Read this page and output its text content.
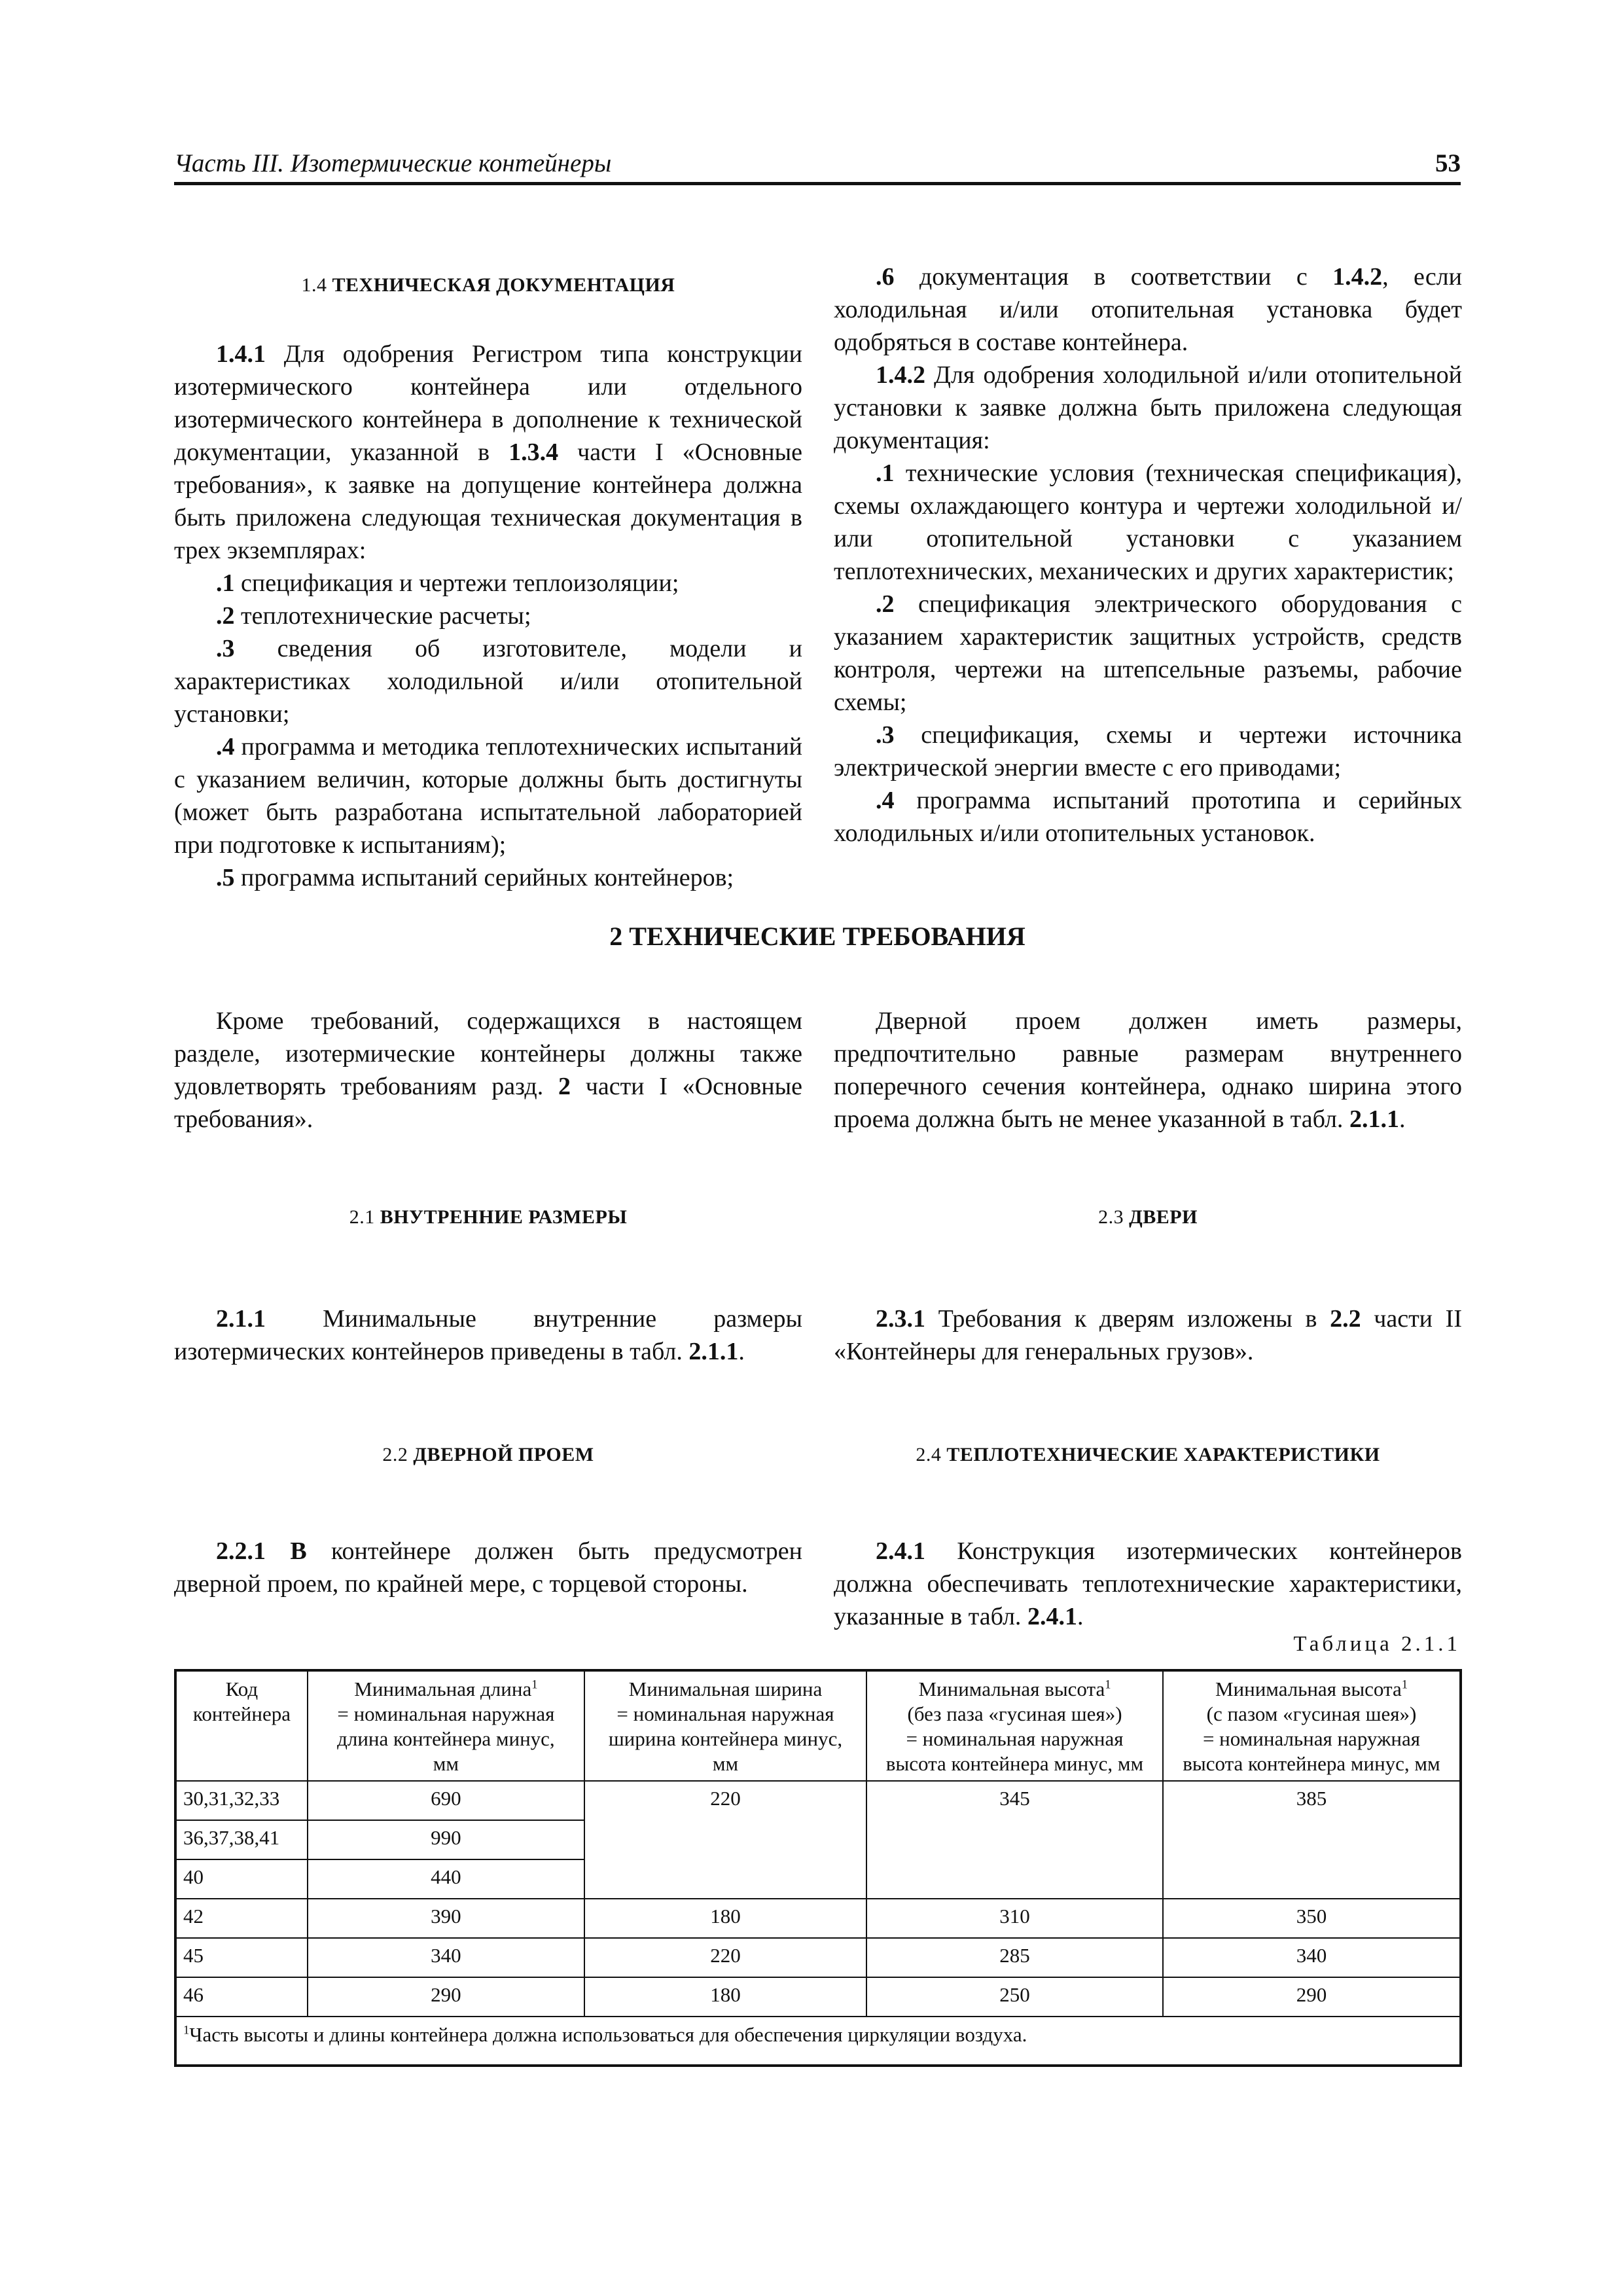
Часть III. Изотермические контейнеры	53

1.4 ТЕХНИЧЕСКАЯ ДОКУМЕНТАЦИЯ

1.4.1 Для одобрения Регистром типа конструкции изотермического контейнера или отдельного изотермического контейнера в дополнение к технической документации, указанной в 1.3.4 части I «Основные требования», к заявке на допущение контейнера должна быть приложена следующая техническая документация в трех экземплярах:

.1 спецификация и чертежи теплоизоляции;

.2 теплотехнические расчеты;

.3 сведения об изготовителе, модели и характеристиках холодильной и/или отопительной установки;

.4 программа и методика теплотехнических испытаний с указанием величин, которые должны быть достигнуты (может быть разработана испытательной лабораторией при подготовке к испытаниям);

.5 программа испытаний серийных контейнеров;

.6 документация в соответствии с 1.4.2, если холодильная и/или отопительная установка будет одобряться в составе контейнера.

1.4.2 Для одобрения холодильной и/или отопительной установки к заявке должна быть приложена следующая документация:

.1 технические условия (техническая спецификация), схемы охлаждающего контура и чертежи холодильной и/или отопительной установки с указанием теплотехнических, механических и других характеристик;

.2 спецификация электрического оборудования с указанием характеристик защитных устройств, средств контроля, чертежи на штепсельные разъемы, рабочие схемы;

.3 спецификация, схемы и чертежи источника электрической энергии вместе с его приводами;

.4 программа испытаний прототипа и серийных холодильных и/или отопительных установок.

2 ТЕХНИЧЕСКИЕ ТРЕБОВАНИЯ

Кроме требований, содержащихся в настоящем разделе, изотермические контейнеры должны также удовлетворять требованиям разд. 2 части I «Основные требования».

Дверной проем должен иметь размеры, предпочтительно равные размерам внутреннего поперечного сечения контейнера, однако ширина этого проема должна быть не менее указанной в табл. 2.1.1.

2.1 ВНУТРЕННИЕ РАЗМЕРЫ

2.1.1 Минимальные внутренние размеры изотермических контейнеров приведены в табл. 2.1.1.

2.3 ДВЕРИ

2.3.1 Требования к дверям изложены в 2.2 части II «Контейнеры для генеральных грузов».

2.2 ДВЕРНОЙ ПРОЕМ

2.2.1 В контейнере должен быть предусмотрен дверной проем, по крайней мере, с торцевой стороны.

2.4 ТЕПЛОТЕХНИЧЕСКИЕ ХАРАКТЕРИСТИКИ

2.4.1 Конструкция изотермических контейнеров должна обеспечивать теплотехнические характеристики, указанные в табл. 2.4.1.

Таблица 2.1.1
Код
контейнера	Минимальная длина$^1$
= номинальная наружная
длина контейнера минус,
мм	Минимальная ширина
= номинальная наружная
ширина контейнера минус,
мм	Минимальная высота$^1$
(без паза «гусиная шея»)
= номинальная наружная
высота контейнера минус, мм	Минимальная высота$^1$
(с пазом «гусиная шея»)
= номинальная наружная
высота контейнера минус, мм
30,31,32,33	690	220	345	385
36,37,38,41	990			
40	440			
42	390	180	310	350
45	340	220	285	340
46	290	180	250	290
$^1$Часть высоты и длины контейнера должна использоваться для обеспечения циркуляции воздуха.				
